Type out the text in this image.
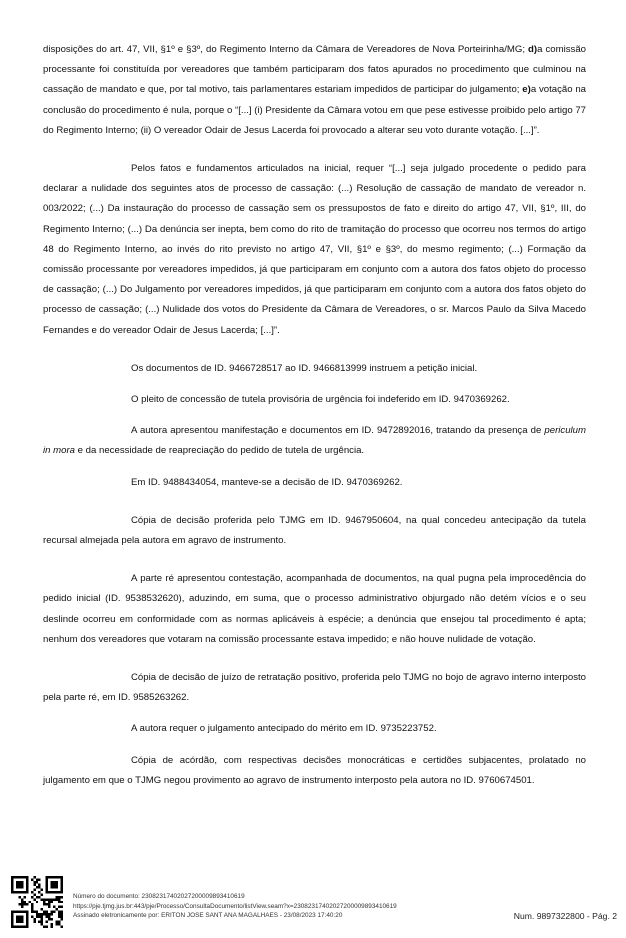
disposições do art. 47, VII, §1º e §3º, do Regimento Interno da Câmara de Vereadores de Nova Porteirinha/MG; d)a comissão processante foi constituída por vereadores que também participaram dos fatos apurados no procedimento que culminou na cassação de mandato e que, por tal motivo, tais parlamentares estariam impedidos de participar do julgamento; e)a votação na conclusão do procedimento é nula, porque o “[...] (i) Presidente da Câmara votou em que pese estivesse proibido pelo artigo 77 do Regimento Interno; (ii) O vereador Odair de Jesus Lacerda foi provocado a alterar seu voto durante votação. [...]”.

Pelos fatos e fundamentos articulados na inicial, requer “[...] seja julgado procedente o pedido para declarar a nulidade dos seguintes atos de processo de cassação: (...) Resolução de cassação de mandato de vereador n. 003/2022; (...) Da instauração do processo de cassação sem os pressupostos de fato e direito do artigo 47, VII, §1º, III, do Regimento Interno; (...) Da denúncia ser inepta, bem como do rito de tramitação do processo que ocorreu nos termos do artigo 48 do Regimento Interno, ao invés do rito previsto no artigo 47, VII, §1º e §3º, do mesmo regimento; (...) Formação da comissão processante por vereadores impedidos, já que participaram em conjunto com a autora dos fatos objeto do processo de cassação; (...) Do Julgamento por vereadores impedidos, já que participaram em conjunto com a autora dos fatos objeto do processo de cassação; (...) Nulidade dos votos do Presidente da Câmara de Vereadores, o sr. Marcos Paulo da Silva Macedo Fernandes e do vereador Odair de Jesus Lacerda; [...]”.

Os documentos de ID. 9466728517 ao ID. 9466813999 instruem a petição inicial.

O pleito de concessão de tutela provisória de urgência foi indeferido em ID. 9470369262.

A autora apresentou manifestação e documentos em ID. 9472892016, tratando da presença de periculum in mora e da necessidade de reapreciação do pedido de tutela de urgência.

Em ID. 9488434054, manteve-se a decisão de ID. 9470369262.

Cópia de decisão proferida pelo TJMG em ID. 9467950604, na qual concedeu antecipação da tutela recursal almejada pela autora em agravo de instrumento.

A parte ré apresentou contestação, acompanhada de documentos, na qual pugna pela improcedência do pedido inicial (ID. 9538532620), aduzindo, em suma, que o processo administrativo objurgado não detém vícios e o seu deslinde ocorreu em conformidade com as normas aplicáveis à espécie; a denúncia que ensejou tal procedimento é apta; nenhum dos vereadores que votaram na comissão processante estava impedido; e não houve nulidade de votação.

Cópia de decisão de juízo de retratação positivo, proferida pelo TJMG no bojo de agravo interno interposto pela parte ré, em ID. 9585263262.

A autora requer o julgamento antecipado do mérito em ID. 9735223752.

Cópia de acórdão, com respectivas decisões monocráticas e certidões subjacentes, prolatado no julgamento em que o TJMG negou provimento ao agravo de instrumento interposto pela autora no ID. 9760674501.

Número do documento: 23082317402027200009893410619
https://pje.tjmg.jus.br:443/pje/Processo/ConsultaDocumento/listView.seam?x=23082317402027200009893410619
Assinado eletronicamente por: ERITON JOSE SANT ANA MAGALHAES - 23/08/2023 17:40:20	Num. 9897322800 - Pág. 2
